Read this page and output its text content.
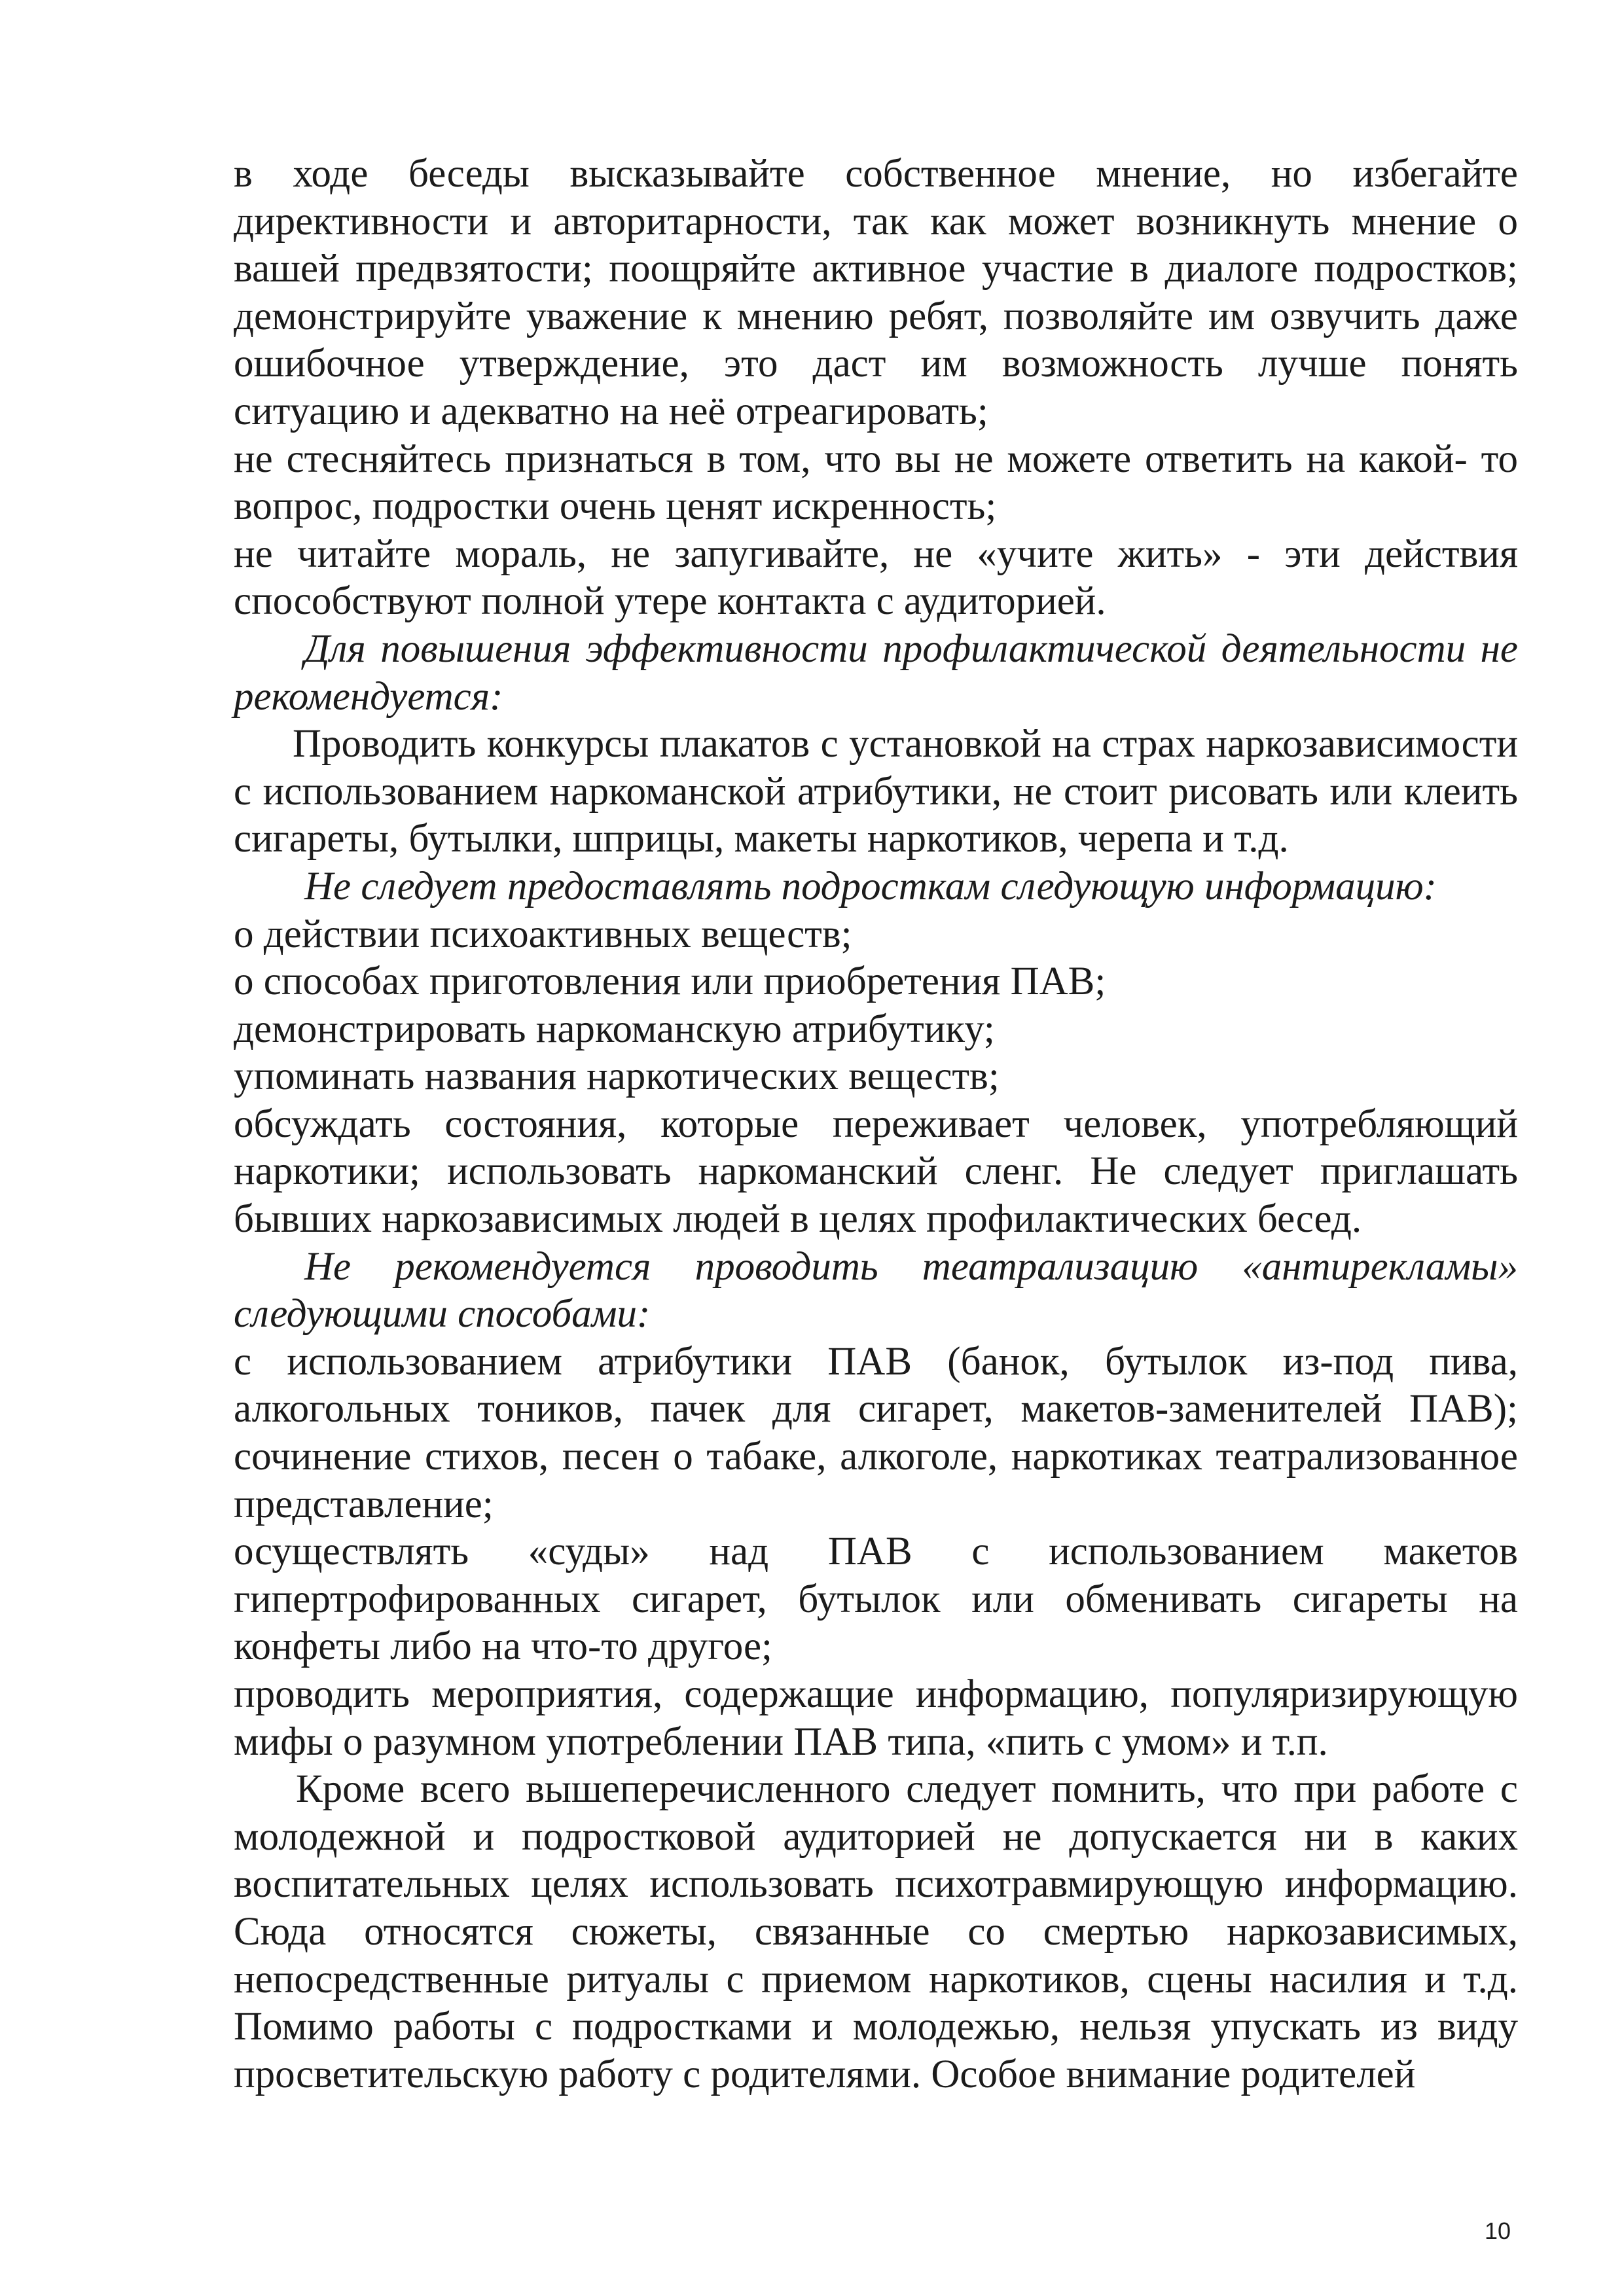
в ходе беседы высказывайте собственное мнение, но избегайте директивности и авторитарности, так как может возникнуть мнение о вашей предвзятости; поощряйте активное участие в диалоге подростков; демонстрируйте уважение к мнению ребят, позволяйте им озвучить даже ошибочное утверждение, это даст им возможность лучше понять ситуацию и адекватно на неё отреагировать;

не стесняйтесь признаться в том, что вы не можете ответить на какой- то вопрос, подростки очень ценят искренность;

не читайте мораль, не запугивайте, не «учите жить» - эти действия способствуют полной утере контакта с аудиторией.

Для повышения эффективности профилактической деятельности не рекомендуется:

Проводить конкурсы плакатов с установкой на страх наркозависимости с использованием наркоманской атрибутики, не стоит рисовать или клеить сигареты, бутылки, шприцы, макеты наркотиков, черепа и т.д.

Не следует предоставлять подросткам следующую информацию:

о действии психоактивных веществ;

о способах приготовления или приобретения ПАВ;

демонстрировать наркоманскую атрибутику;

упоминать названия наркотических веществ;

обсуждать состояния, которые переживает человек, употребляющий наркотики; использовать наркоманский сленг. Не следует приглашать бывших наркозависимых людей в целях профилактических бесед.

Не рекомендуется проводить театрализацию «антирекламы» следующими способами:

с использованием атрибутики ПАВ (банок, бутылок из-под пива, алкогольных тоников, пачек для сигарет, макетов-заменителей ПАВ); сочинение стихов, песен о табаке, алкоголе, наркотиках театрализованное представление;

осуществлять «суды» над ПАВ с использованием макетов гипертрофированных сигарет, бутылок или обменивать сигареты на конфеты либо на что-то другое;

проводить мероприятия, содержащие информацию, популяризирующую мифы о разумном употреблении ПАВ типа, «пить с умом» и т.п.

Кроме всего вышеперечисленного следует помнить, что при работе с молодежной и подростковой аудиторией не допускается ни в каких воспитательных целях использовать психотравмирующую информацию. Сюда относятся сюжеты, связанные со смертью наркозависимых, непосредственные ритуалы с приемом наркотиков, сцены насилия и т.д. Помимо работы с подростками и молодежью, нельзя упускать из виду просветительскую работу с родителями. Особое внимание родителей

10
